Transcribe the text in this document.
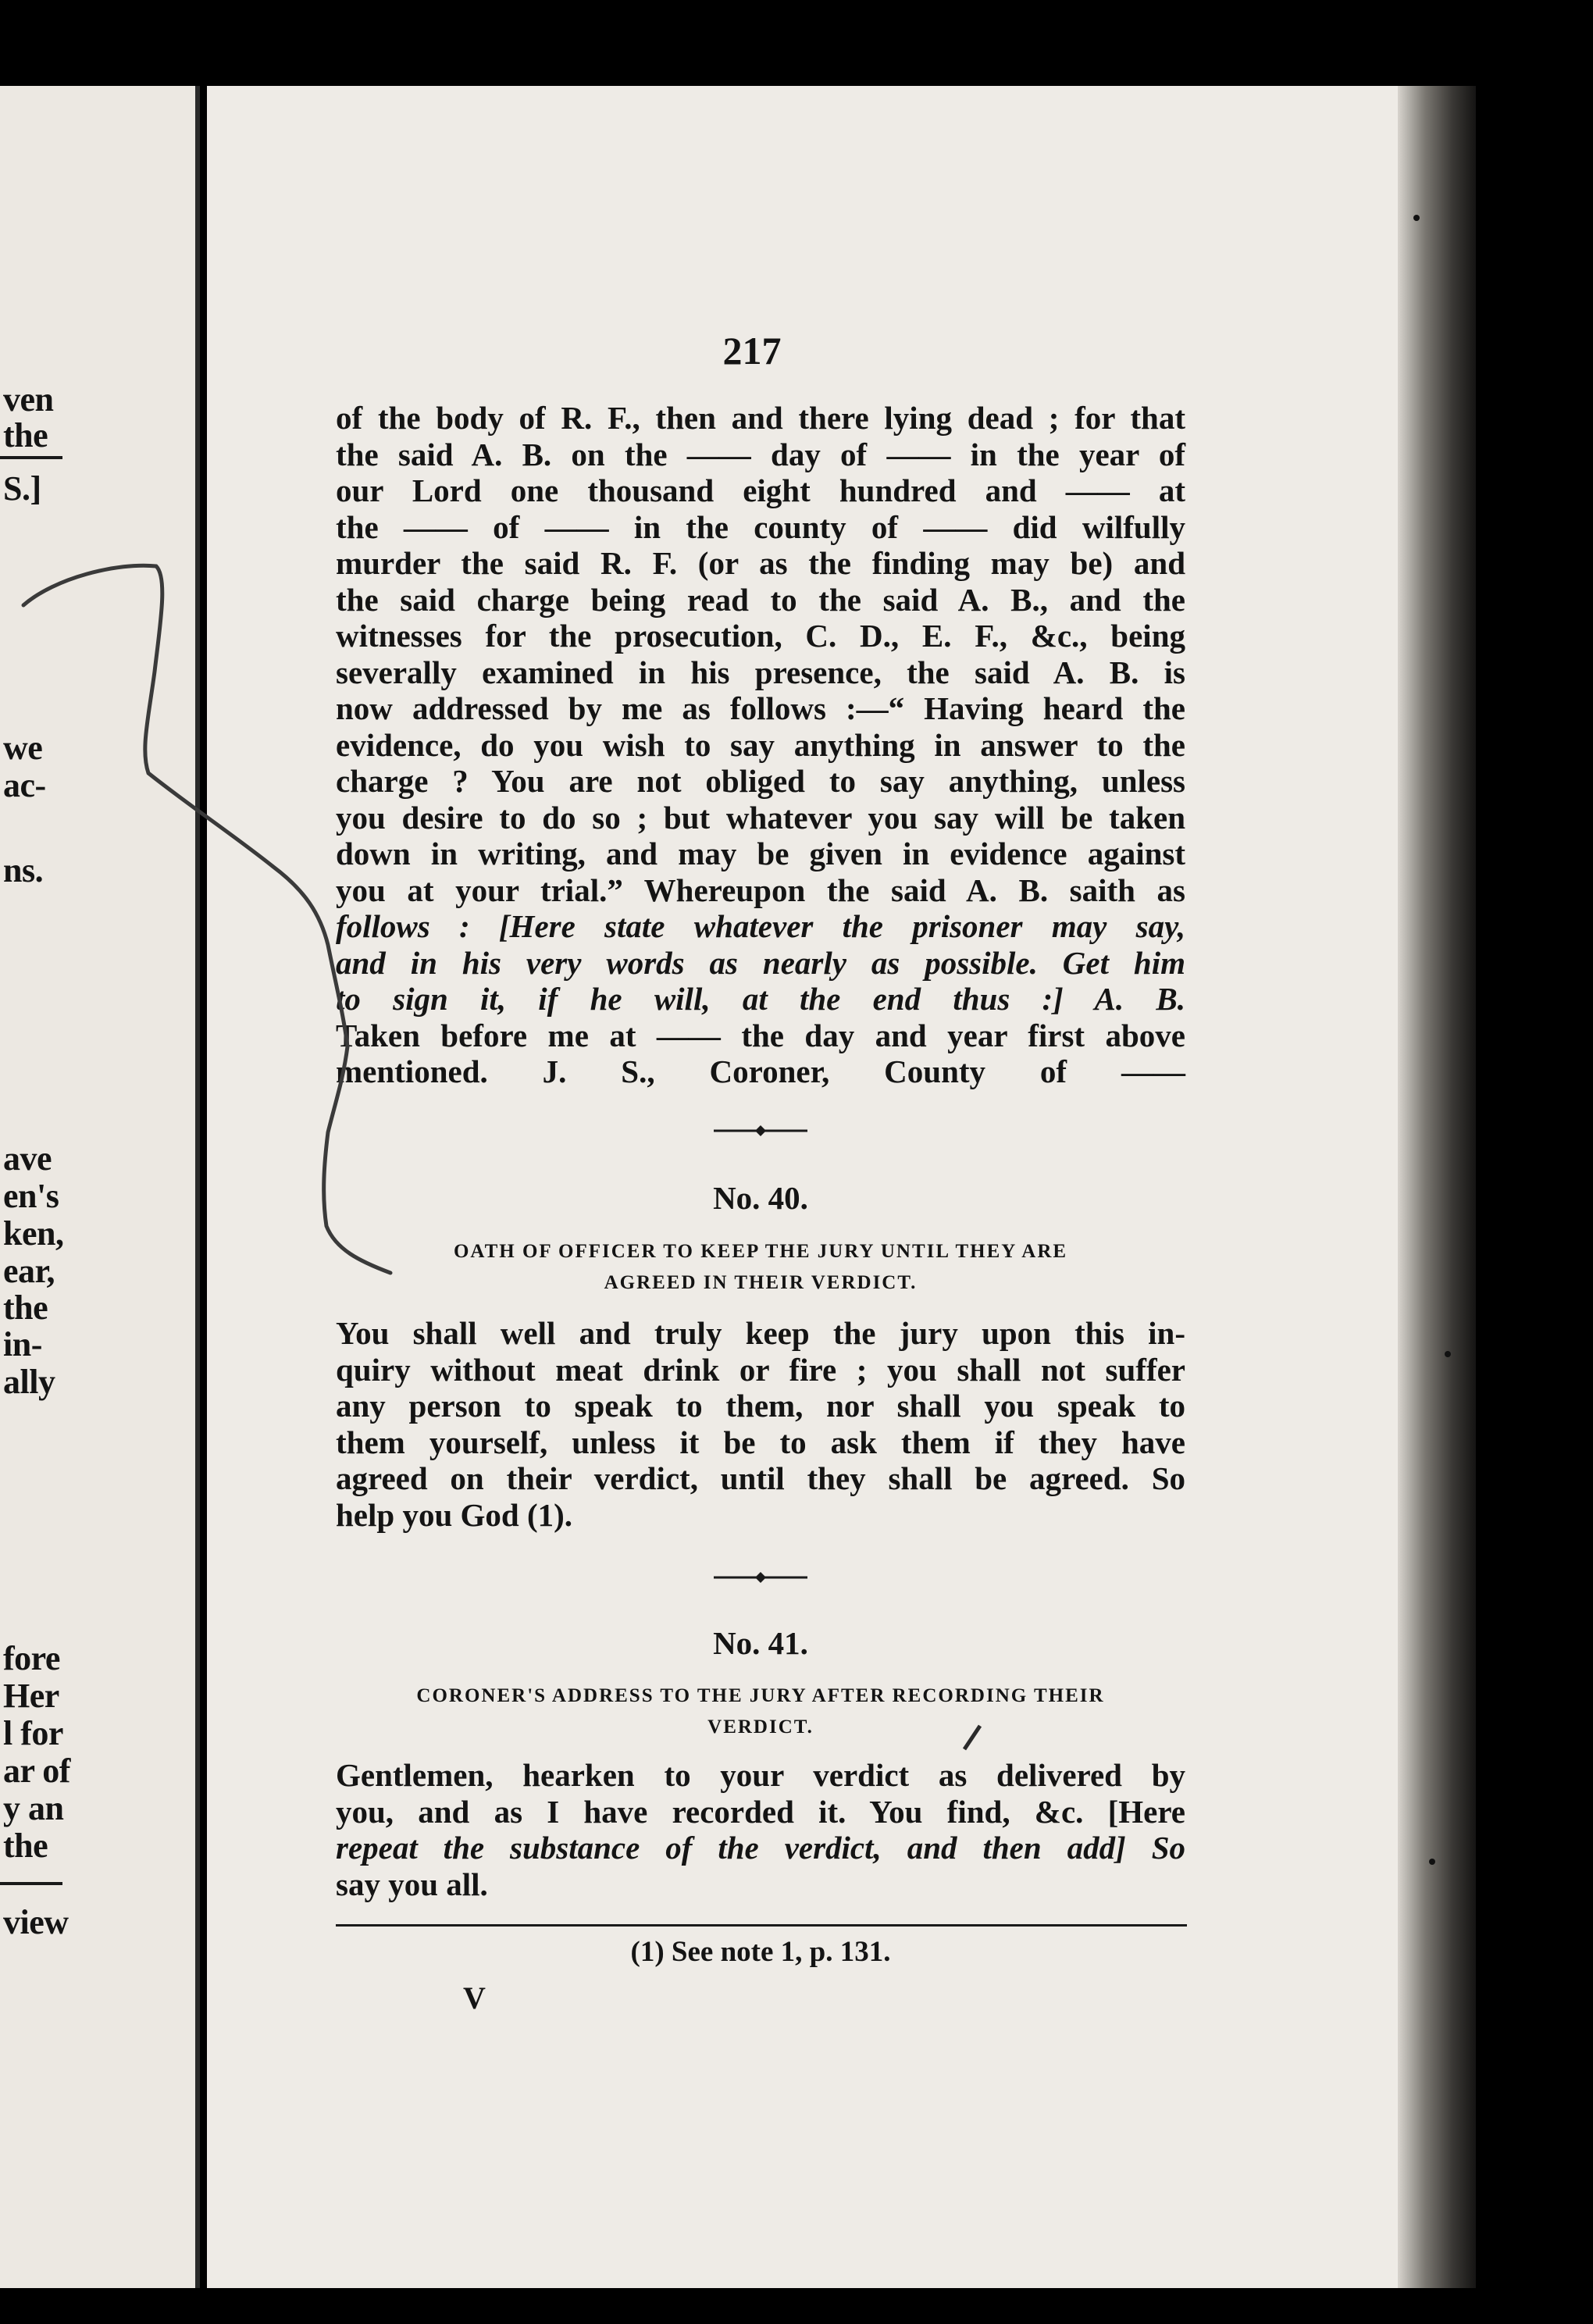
ven
the
S.]
we
ac-
ns.
ave
en's
ken,
ear,
the
in-
ally
fore
Her
l for
ar of
y an
the
view
217
of the body of R. F., then and there lying dead ; for that
the said A. B. on the —— day of —— in the year of
our Lord one thousand eight hundred and —— at
the —— of —— in the county of —— did wilfully
murder the said R. F. (or as the finding may be) and
the said charge being read to the said A. B., and the
witnesses for the prosecution, C. D., E. F., &c., being
severally examined in his presence, the said A. B. is
now addressed by me as follows :—“ Having heard the
evidence, do you wish to say anything in answer to the
charge ? You are not obliged to say anything, unless
you desire to do so ; but whatever you say will be taken
down in writing, and may be given in evidence against
you at your trial.” Whereupon the said A. B. saith as
follows : [Here state whatever the prisoner may say,
and in his very words as nearly as possible. Get him
to sign it, if he will, at the end thus :] A. B.
Taken before me at —— the day and year first above
mentioned. J. S., Coroner, County of ——
No. 40.
OATH OF OFFICER TO KEEP THE JURY UNTIL THEY ARE
AGREED IN THEIR VERDICT.
You shall well and truly keep the jury upon this in-
quiry without meat drink or fire ; you shall not suffer
any person to speak to them, nor shall you speak to
them yourself, unless it be to ask them if they have
agreed on their verdict, until they shall be agreed. So
help you God (1).
No. 41.
CORONER'S ADDRESS TO THE JURY AFTER RECORDING THEIR
VERDICT.
Gentlemen, hearken to your verdict as delivered by
you, and as I have recorded it. You find, &c. [Here
repeat the substance of the verdict, and then add] So
say you all.
(1) See note 1, p. 131.
V
